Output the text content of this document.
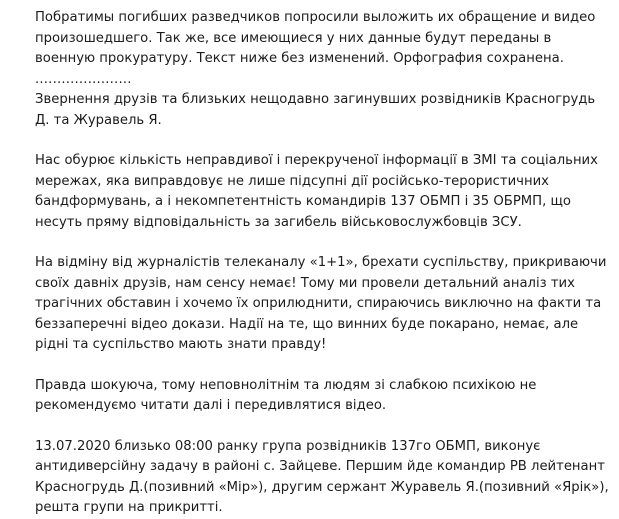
Побратимы погибших разведчиков попросили выложить их обращение и видео произошедшего. Так же, все имеющиеся у них данные будут переданы в военную прокуратуру. Текст ниже без изменений. Орфография сохранена.

......................

Звернення друзів та близьких нещодавно загинувших розвідників Красногрудь Д. та Журавель Я.

Нас обурює кількість неправдивої і перекрученої інформації в ЗМІ та соціальних мережах, яка виправдовує не лише підсупні дії російсько-терористичних бандформувань, а і некомпетентність командирів 137 ОБМП і 35 ОБРМП, що несуть пряму відповідальність за загибель військовослужбовців ЗСУ.

На відміну від журналістів телеканалу «1+1», брехати суспільству, прикриваючи своїх давніх друзів, нам сенсу немає! Тому ми провели детальний аналіз тих трагічних обставин і хочемо їх оприлюднити, спираючись виключно на факти та беззаперечні відео докази. Надії на те, що винних буде покарано, немає, але рідні та суспільство мають знати правду!

Правда шокуюча, тому неповнолітнім та людям зі слабкою психікою не рекомендуємо читати далі і передивлятися відео.

13.07.2020 близько 08:00 ранку група розвідників 137го ОБМП, виконує антидиверсійну задачу в районі с. Зайцеве. Першим йде командир РВ лейтенант Красногрудь Д.(позивний «Мір»), другим сержант Журавель Я.(позивний «Ярік»), решта групи на прикритті.
